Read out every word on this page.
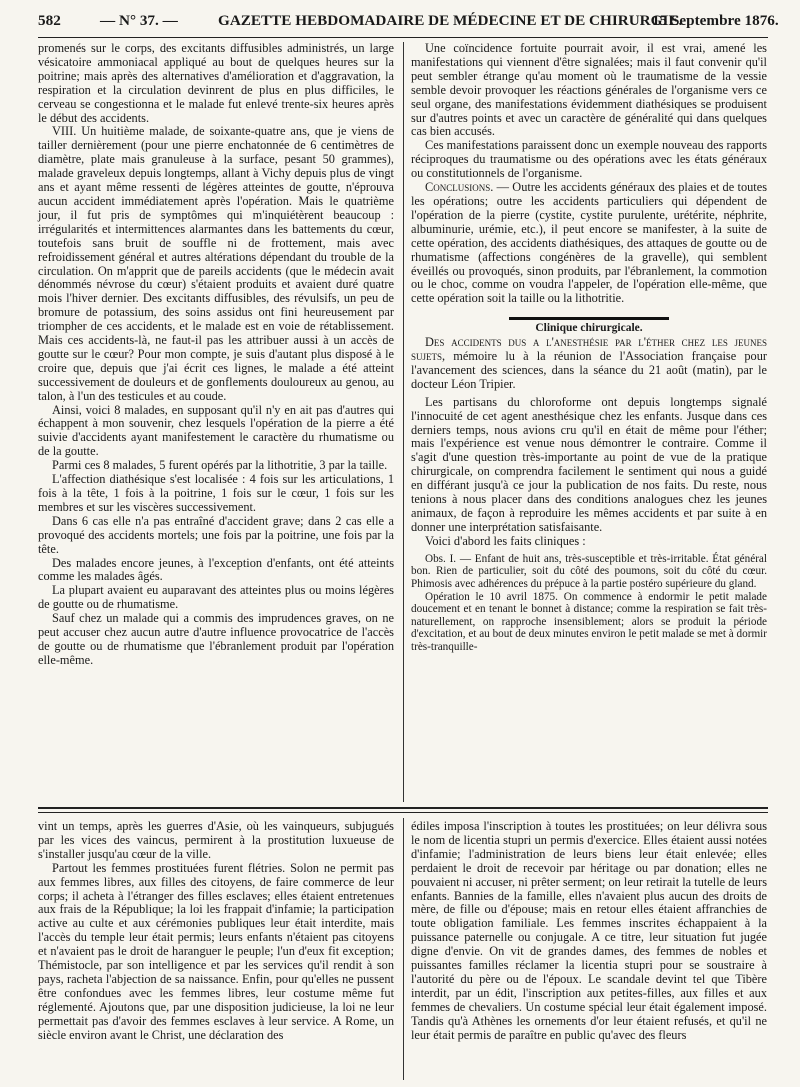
582	— N° 37. —	GAZETTE HEBDOMADAIRE DE MÉDECINE ET DE CHIRURGIE.
15 Septembre 1876.

promenés sur le corps, des excitants diffusibles administrés, un large vésicatoire ammoniacal appliqué au bout de quelques heures sur la poitrine; mais après des alternatives d'amélioration et d'aggravation, la respiration et la circulation devinrent de plus en plus difficiles, le cerveau se congestionna et le malade fut enlevé trente-six heures après le début des accidents.

VIII. Un huitième malade, de soixante-quatre ans, que je viens de tailler dernièrement (pour une pierre enchatonnée de 6 centimètres de diamètre, plate mais granuleuse à la surface, pesant 50 grammes), malade graveleux depuis longtemps, allant à Vichy depuis plus de vingt ans et ayant même ressenti de légères atteintes de goutte, n'éprouva aucun accident immédiatement après l'opération. Mais le quatrième jour, il fut pris de symptômes qui m'inquiétèrent beaucoup : irrégularités et intermittences alarmantes dans les battements du cœur, toutefois sans bruit de souffle ni de frottement, mais avec refroidissement général et autres altérations dépendant du trouble de la circulation. On m'apprit que de pareils accidents (que le médecin avait dénommés névrose du cœur) s'étaient produits et avaient duré quatre mois l'hiver dernier. Des excitants diffusibles, des révulsifs, un peu de bromure de potassium, des soins assidus ont fini heureusement par triompher de ces accidents, et le malade est en voie de rétablissement. Mais ces accidents-là, ne faut-il pas les attribuer aussi à un accès de goutte sur le cœur? Pour mon compte, je suis d'autant plus disposé à le croire que, depuis que j'ai écrit ces lignes, le malade a été atteint successivement de douleurs et de gonflements douloureux au genou, au talon, à l'un des testicules et au coude.

Ainsi, voici 8 malades, en supposant qu'il n'y en ait pas d'autres qui échappent à mon souvenir, chez lesquels l'opération de la pierre a été suivie d'accidents ayant manifestement le caractère du rhumatisme ou de la goutte.

Parmi ces 8 malades, 5 furent opérés par la lithotritie, 3 par la taille.

L'affection diathésique s'est localisée : 4 fois sur les articulations, 1 fois à la tête, 1 fois à la poitrine, 1 fois sur le cœur, 1 fois sur les membres et sur les viscères successivement.

Dans 6 cas elle n'a pas entraîné d'accident grave; dans 2 cas elle a provoqué des accidents mortels; une fois par la poitrine, une fois par la tête.

Des malades encore jeunes, à l'exception d'enfants, ont été atteints comme les malades âgés.

La plupart avaient eu auparavant des atteintes plus ou moins légères de goutte ou de rhumatisme.

Sauf chez un malade qui a commis des imprudences graves, on ne peut accuser chez aucun autre d'autre influence provocatrice de l'accès de goutte ou de rhumatisme que l'ébranlement produit par l'opération elle-même.

Une coïncidence fortuite pourrait avoir, il est vrai, amené les manifestations qui viennent d'être signalées; mais il faut convenir qu'il peut sembler étrange qu'au moment où le traumatisme de la vessie semble devoir provoquer les réactions générales de l'organisme vers ce seul organe, des manifestations évidemment diathésiques se produisent sur d'autres points et avec un caractère de généralité qui dans quelques cas bien accusés.

Ces manifestations paraissent donc un exemple nouveau des rapports réciproques du traumatisme ou des opérations avec les états généraux ou constitutionnels de l'organisme.

Conclusions. — Outre les accidents généraux des plaies et de toutes les opérations; outre les accidents particuliers qui dépendent de l'opération de la pierre (cystite, cystite purulente, urétérite, néphrite, albuminurie, urémie, etc.), il peut encore se manifester, à la suite de cette opération, des accidents diathésiques, des attaques de goutte ou de rhumatisme (affections congénères de la gravelle), qui semblent éveillés ou provoqués, sinon produits, par l'ébranlement, la commotion ou le choc, comme on voudra l'appeler, de l'opération elle-même, que cette opération soit la taille ou la lithotritie.

Clinique chirurgicale.

Des accidents dus a l'anesthésie par l'éther chez les jeunes sujets, mémoire lu à la réunion de l'Association française pour l'avancement des sciences, dans la séance du 21 août (matin), par le docteur Léon Tripier.

Les partisans du chloroforme ont depuis longtemps signalé l'innocuité de cet agent anesthésique chez les enfants. Jusque dans ces derniers temps, nous avions cru qu'il en était de même pour l'éther; mais l'expérience est venue nous démontrer le contraire. Comme il s'agit d'une question très-importante au point de vue de la pratique chirurgicale, on comprendra facilement le sentiment qui nous a guidé en différant jusqu'à ce jour la publication de nos faits. Du reste, nous tenions à nous placer dans des conditions analogues chez les jeunes animaux, de façon à reproduire les mêmes accidents et par suite à en donner une interprétation satisfaisante.

Voici d'abord les faits cliniques :

Obs. I. — Enfant de huit ans, très-susceptible et très-irritable. État général bon. Rien de particulier, soit du côté des poumons, soit du côté du cœur. Phimosis avec adhérences du prépuce à la partie postéro supérieure du gland.

Opération le 10 avril 1875. On commence à endormir le petit malade doucement et en tenant le bonnet à distance; comme la respiration se fait très-naturellement, on rapproche insensiblement; alors se produit la période d'excitation, et au bout de deux minutes environ le petit malade se met à dormir très-tranquille-

vint un temps, après les guerres d'Asie, où les vainqueurs, subjugués par les vices des vaincus, permirent à la prostitution luxueuse de s'installer jusqu'au cœur de la ville.

Partout les femmes prostituées furent flétries. Solon ne permit pas aux femmes libres, aux filles des citoyens, de faire commerce de leur corps; il acheta à l'étranger des filles esclaves; elles étaient entretenues aux frais de la République; la loi les frappait d'infamie; la participation active au culte et aux cérémonies publiques leur était interdite, mais l'accès du temple leur était permis; leurs enfants n'étaient pas citoyens et n'avaient pas le droit de haranguer le peuple; l'un d'eux fit exception; Thémistocle, par son intelligence et par les services qu'il rendit à son pays, racheta l'abjection de sa naissance. Enfin, pour qu'elles ne pussent être confondues avec les femmes libres, leur costume même fut réglementé. Ajoutons que, par une disposition judicieuse, la loi ne leur permettait pas d'avoir des femmes esclaves à leur service. A Rome, un siècle environ avant le Christ, une déclaration des

édiles imposa l'inscription à toutes les prostituées; on leur délivra sous le nom de licentia stupri un permis d'exercice. Elles étaient aussi notées d'infamie; l'administration de leurs biens leur était enlevée; elles perdaient le droit de recevoir par héritage ou par donation; elles ne pouvaient ni accuser, ni prêter serment; on leur retirait la tutelle de leurs enfants. Bannies de la famille, elles n'avaient plus aucun des droits de mère, de fille ou d'épouse; mais en retour elles étaient affranchies de toute obligation familiale. Les femmes inscrites échappaient à la puissance paternelle ou conjugale. A ce titre, leur situation fut jugée digne d'envie. On vit de grandes dames, des femmes de nobles et puissantes familles réclamer la licentia stupri pour se soustraire à l'autorité du père ou de l'époux. Le scandale devint tel que Tibère interdit, par un édit, l'inscription aux petites-filles, aux filles et aux femmes de chevaliers. Un costume spécial leur était également imposé. Tandis qu'à Athènes les ornements d'or leur étaient refusés, et qu'il ne leur était permis de paraître en public qu'avec des fleurs
